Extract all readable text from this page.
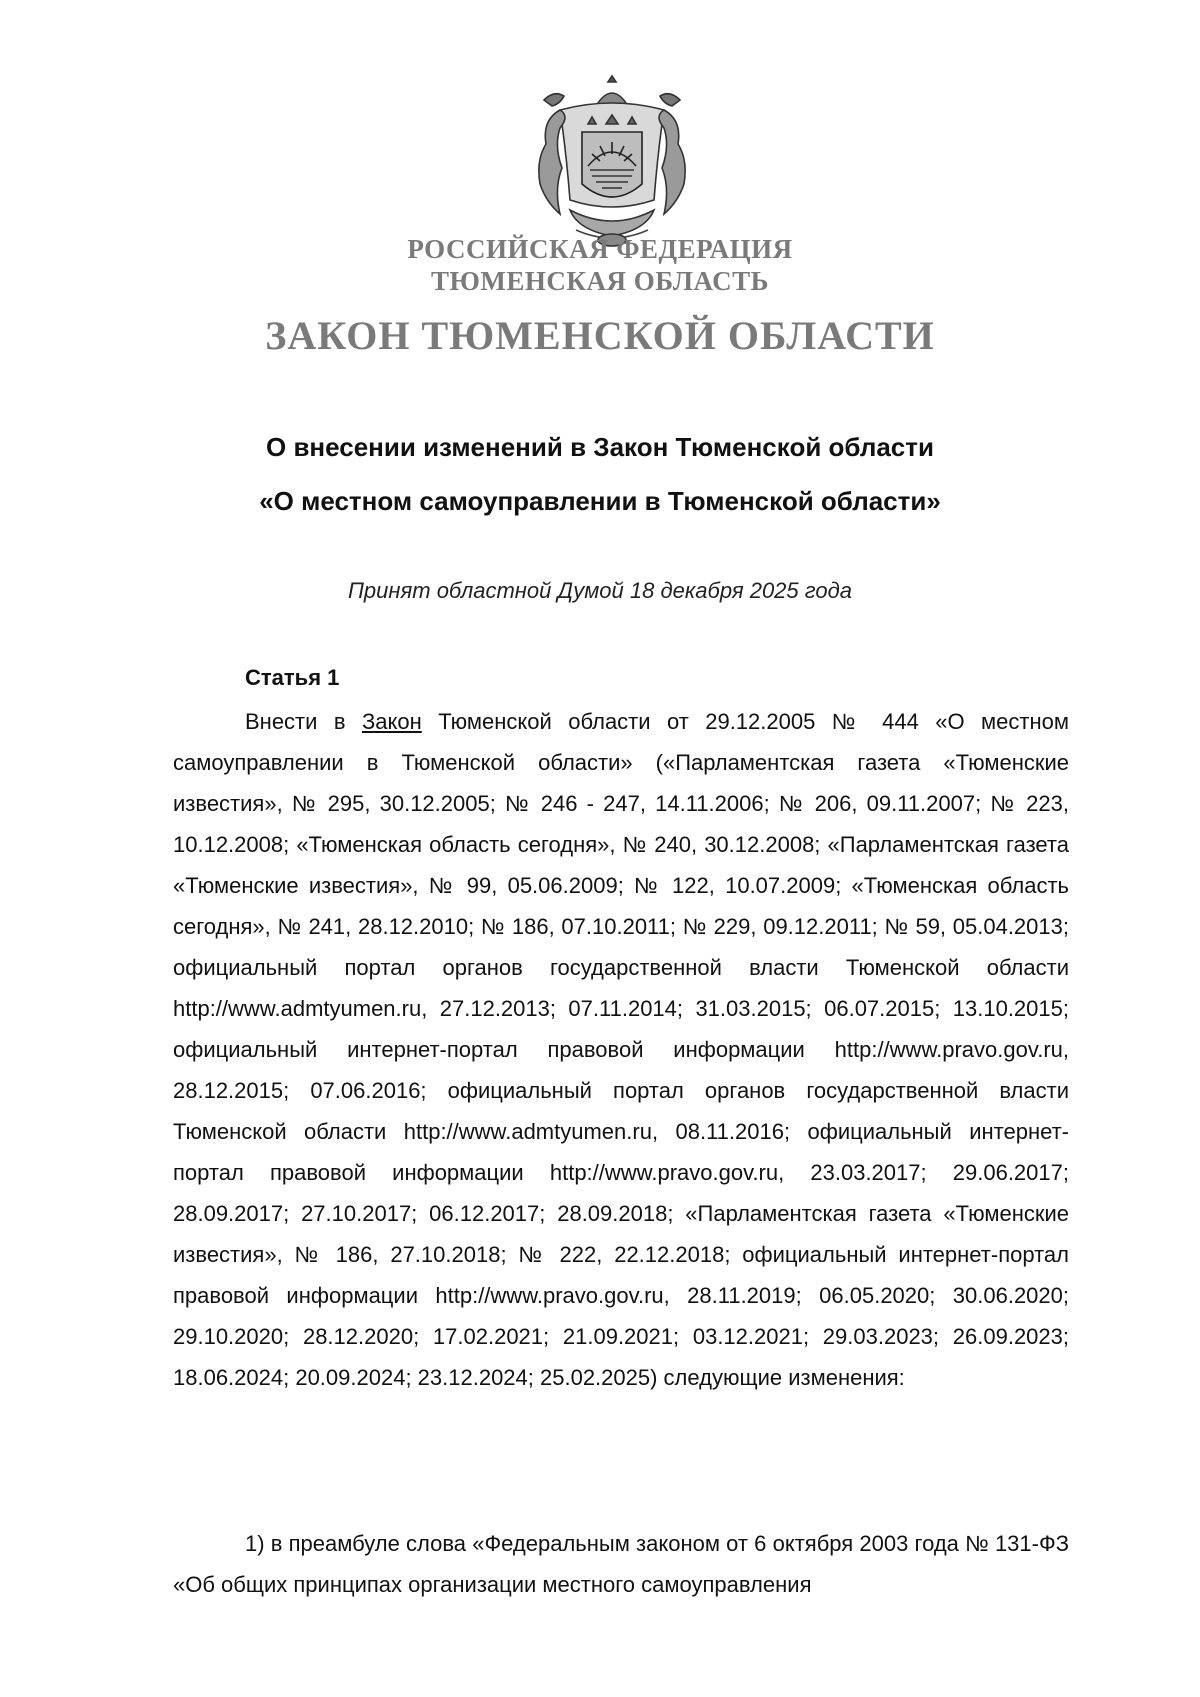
РОССИЙСКАЯ ФЕДЕРАЦИЯ
ТЮМЕНСКАЯ ОБЛАСТЬ
ЗАКОН ТЮМЕНСКОЙ ОБЛАСТИ
О внесении изменений в Закон Тюменской области
«О местном самоуправлении в Тюменской области»
Принят областной Думой 18 декабря 2025 года
Статья 1

Внести в Закон Тюменской области от 29.12.2005 № 444 «О местном самоуправлении в Тюменской области» («Парламентская газета «Тюменские известия», № 295, 30.12.2005; № 246 - 247, 14.11.2006; № 206, 09.11.2007; № 223, 10.12.2008; «Тюменская область сегодня», № 240, 30.12.2008; «Парламентская газета «Тюменские известия», № 99, 05.06.2009; № 122, 10.07.2009; «Тюменская область сегодня», № 241, 28.12.2010; № 186, 07.10.2011; № 229, 09.12.2011; № 59, 05.04.2013; официальный портал органов государственной власти Тюменской области http://www.admtyumen.ru, 27.12.2013; 07.11.2014; 31.03.2015; 06.07.2015; 13.10.2015; официальный интернет-портал правовой информации http://www.pravo.gov.ru, 28.12.2015; 07.06.2016; официальный портал органов государственной власти Тюменской области http://www.admtyumen.ru, 08.11.2016; официальный интернет-портал правовой информации http://www.pravo.gov.ru, 23.03.2017; 29.06.2017; 28.09.2017; 27.10.2017; 06.12.2017; 28.09.2018; «Парламентская газета «Тюменские известия», № 186, 27.10.2018; № 222, 22.12.2018; официальный интернет-портал правовой информации http://www.pravo.gov.ru, 28.11.2019; 06.05.2020; 30.06.2020; 29.10.2020; 28.12.2020; 17.02.2021; 21.09.2021; 03.12.2021; 29.03.2023; 26.09.2023; 18.06.2024; 20.09.2024; 23.12.2024; 25.02.2025) следующие изменения:

1) в преамбуле слова «Федеральным законом от 6 октября 2003 года № 131-ФЗ «Об общих принципах организации местного самоуправления
